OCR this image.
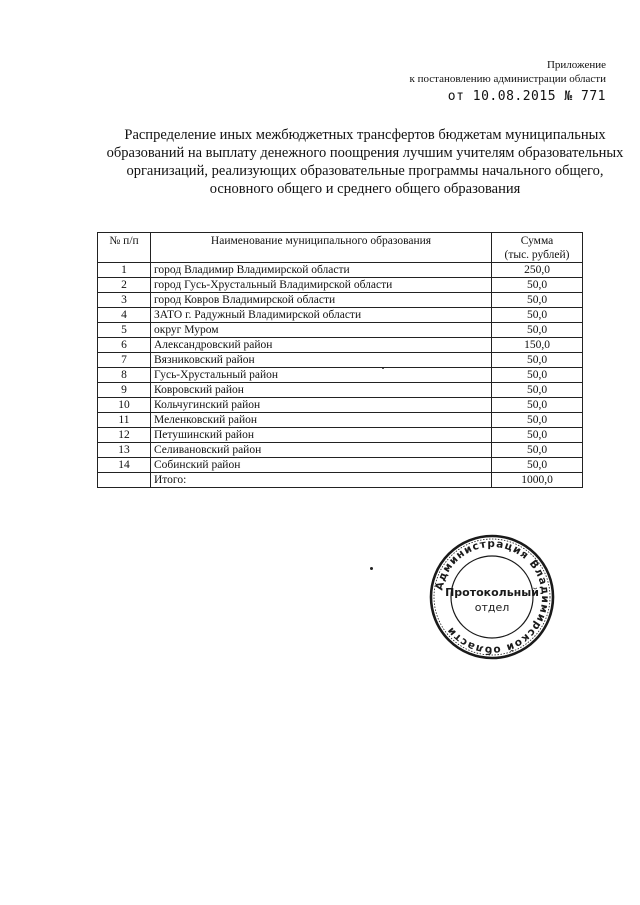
Приложение
к постановлению администрации области
от 10.08.2015 № 771
Распределение иных межбюджетных трансфертов бюджетам муниципальных образований на выплату денежного поощрения лучшим учителям образовательных организаций, реализующих образовательные программы начального общего, основного общего и среднего общего образования
№ п/п	Наименование муниципального образования	Сумма
(тыс. рублей)

1	город Владимир Владимирской области	250,0
2	город Гусь-Хрустальный Владимирской области	50,0
3	город Ковров Владимирской области	50,0
4	ЗАТО г. Радужный Владимирской области	50,0
5	округ Муром	50,0
6	Александровский район	150,0
7	Вязниковский район	50,0
8	Гусь-Хрустальный район	50,0
9	Ковровский район	50,0
10	Кольчугинский район	50,0
11	Меленковский район	50,0
12	Петушинский район	50,0
13	Селивановский район	50,0
14	Собинский район	50,0
	Итого:	1000,0
Администрация Владимирской области
Протокольный
отдел
